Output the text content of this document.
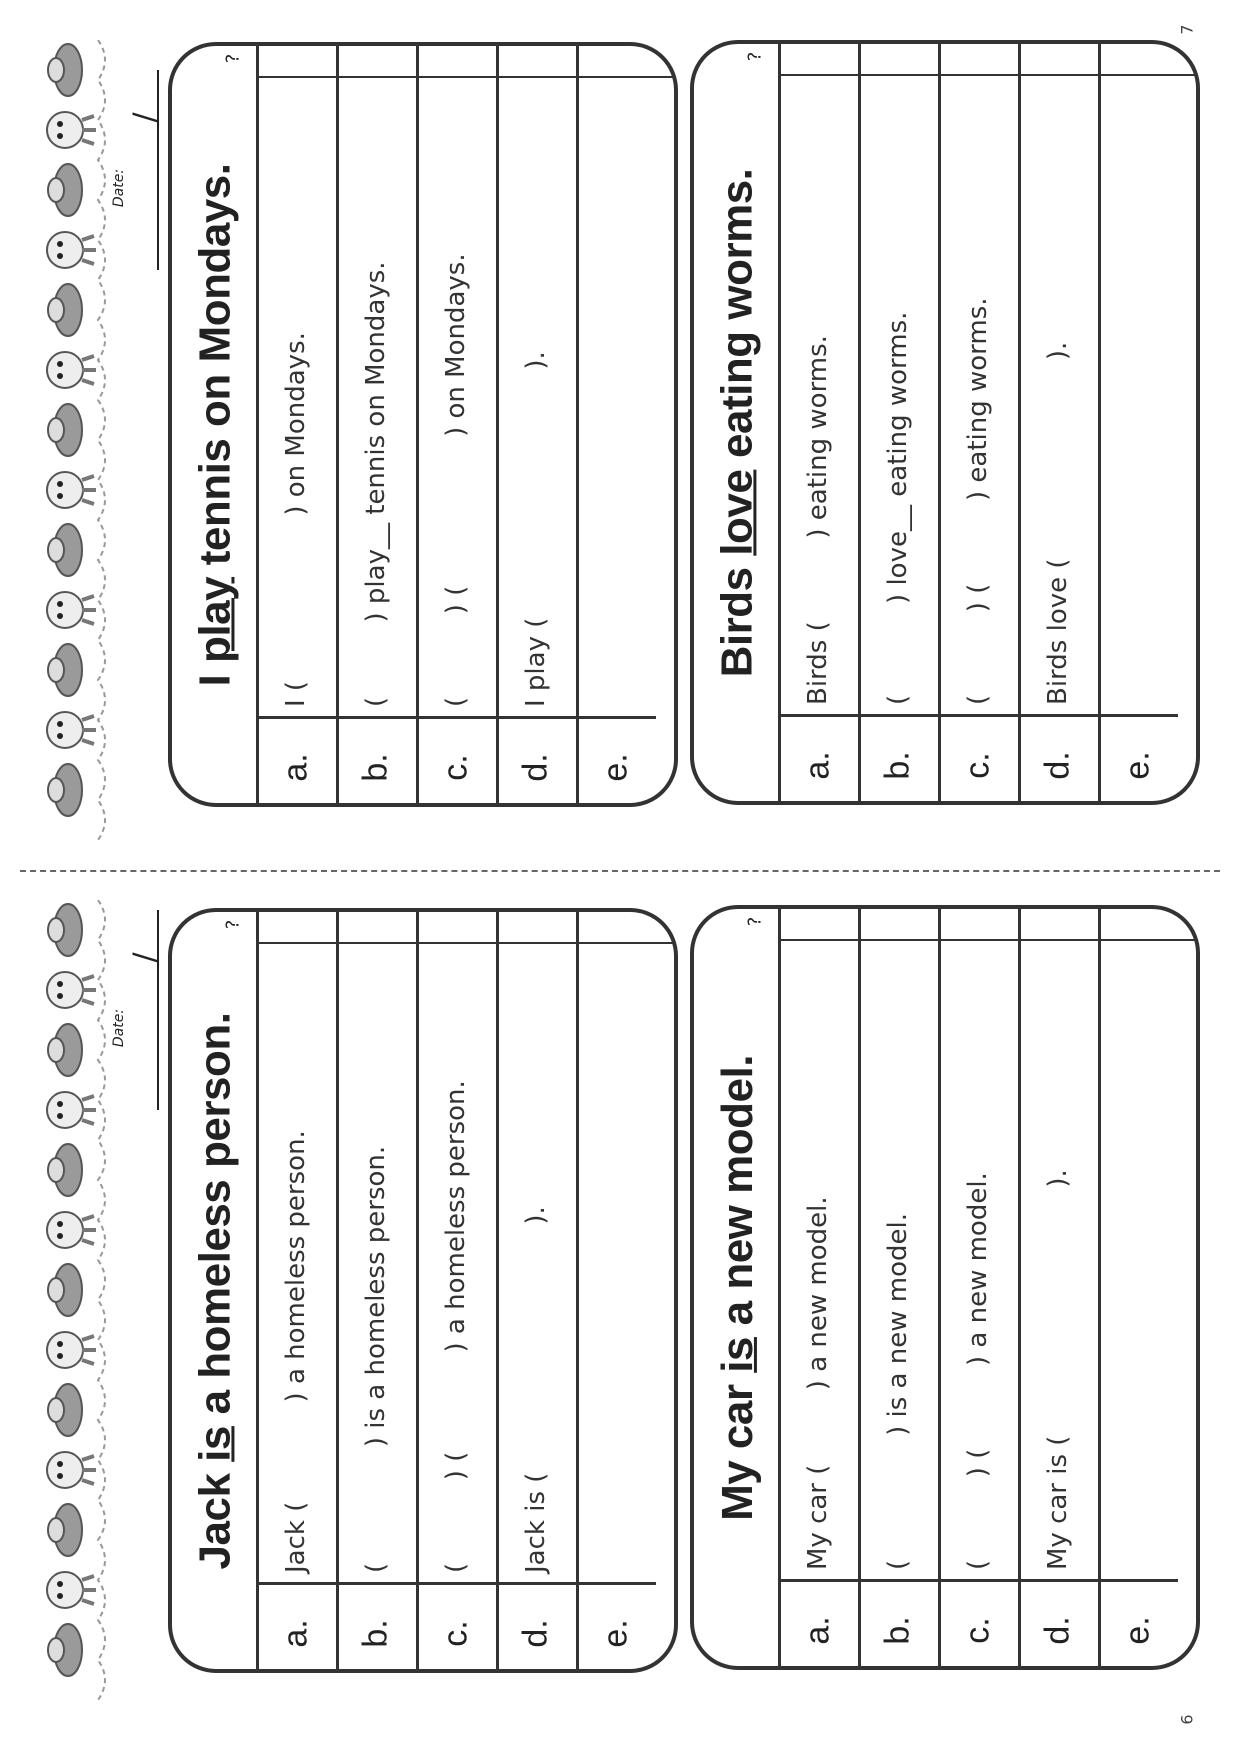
7
6
Date:
/
Date:
/
Jack is a homeless person.
?
a.
Jack (            ) a homeless person.
b.
(              ) is a homeless person.
c.
(          ) (            ) a homeless person.
d.
Jack is (                              ).
e.
My car is a new model.
?
a.
My car (         ) a new model.
b.
(               ) is a new model.
c.
(          ) (          ) a new model.
d.
My car is (                              ).
e.
I play tennis on Mondays.
?
a.
I (                    ) on Mondays.
b.
(         ) play__ tennis on Mondays.
c.
(          ) (                  ) on Mondays.
d.
I play (                              ).
e.
Birds love eating worms.
?
a.
Birds (          ) eating worms.
b.
(           ) love__ eating worms.
c.
(          ) (          ) eating worms.
d.
Birds love (                        ).
e.
